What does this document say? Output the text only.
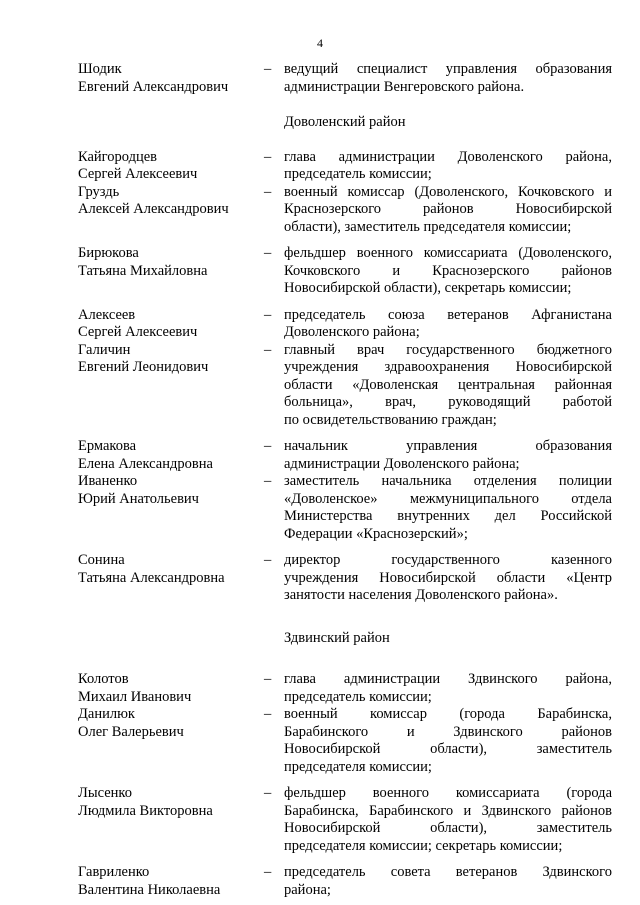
4
Шодик
Евгений Александрович
– ведущий специалист управления образования
администрации Венгеровского района.
Доволенский район
Кайгородцев
Сергей Алексеевич
– глава администрации Доволенского района,
председатель комиссии;
Груздь
Алексей Александрович
– военный комиссар (Доволенского, Кочковского и
Краснозерского районов Новосибирской
области), заместитель председателя комиссии;
Бирюкова
Татьяна Михайловна
– фельдшер военного комиссариата (Доволенского,
Кочковского и Краснозерского районов
Новосибирской области), секретарь комиссии;
Алексеев
Сергей Алексеевич
– председатель союза ветеранов Афганистана
Доволенского района;
Галичин
Евгений Леонидович
– главный врач государственного бюджетного
учреждения здравоохранения Новосибирской
области «Доволенская центральная районная
больница», врач, руководящий работой
по освидетельствованию граждан;
Ермакова
Елена Александровна
– начальник управления образования
администрации Доволенского района;
Иваненко
Юрий Анатольевич
– заместитель начальника отделения полиции
«Доволенское» межмуниципального отдела
Министерства внутренних дел Российской
Федерации «Краснозерский»;
Сонина
Татьяна Александровна
– директор государственного казенного
учреждения Новосибирской области «Центр
занятости населения Доволенского района».
Здвинский район
Колотов
Михаил Иванович
– глава администрации Здвинского района,
председатель комиссии;
Данилюк
Олег Валерьевич
– военный комиссар (города Барабинска,
Барабинского и Здвинского районов
Новосибирской области), заместитель
председателя комиссии;
Лысенко
Людмила Викторовна
– фельдшер военного комиссариата (города
Барабинска, Барабинского и Здвинского районов
Новосибирской области), заместитель
председателя комиссии; секретарь комиссии;
Гавриленко
Валентина Николаевна
– председатель совета ветеранов Здвинского
района;
